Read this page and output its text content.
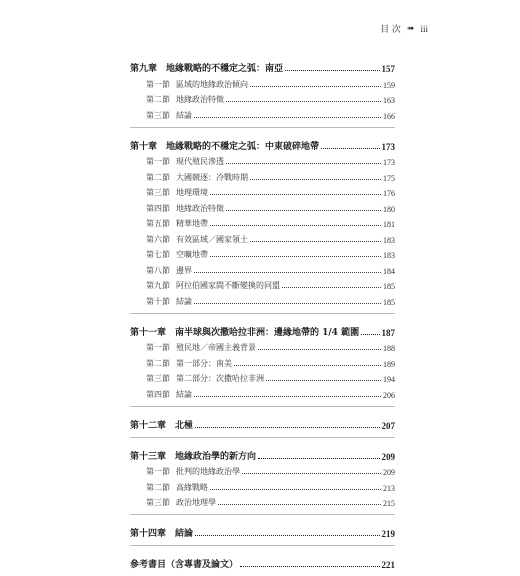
目 次 ➠ iii
第九章　地緣戰略的不穩定之弧：南亞	157
第一節 區域的地緣政治傾向	159
第二節 地緣政治特徵	163
第三節 結論	166
第十章　地緣戰略的不穩定之弧：中東破碎地帶	173
第一節 現代殖民滲透	173
第二節 大國競逐：冷戰時期	175
第三節 地理環境	176
第四節 地緣政治特徵	180
第五節 精華地帶	181
第六節 有效區域／國家領土	183
第七節 空曠地帶	183
第八節 邊界	184
第九節 阿拉伯國家間不斷變換的同盟	185
第十節 結論	185
第十一章　南半球與次撒哈拉非洲：邊緣地帶的 1/4 範圍 187
第一節 殖民地／帝國主義背景	188
第二節 第一部分：南美	189
第三節 第二部分：次撒哈拉非洲	194
第四節 結論	206
第十二章　北極	207
第十三章　地緣政治學的新方向	209
第一節 批判的地緣政治學	209
第二節 高緣戰略	213
第三節 政治地理學	215
第十四章　結論	219
參考書目（含專書及論文）	221
